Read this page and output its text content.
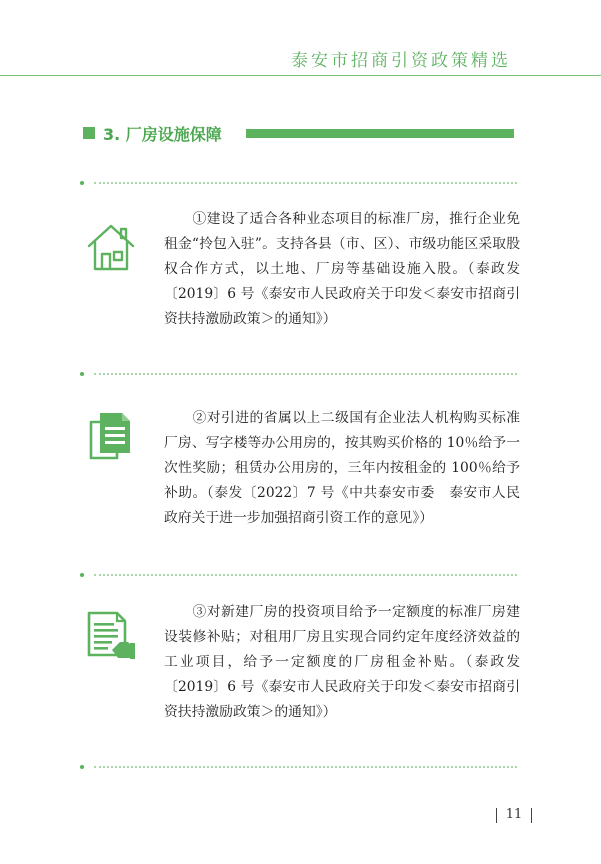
泰安市招商引资政策精选
3. 厂房设施保障

①建设了适合各种业态项目的标准厂房，推行企业免租金“拎包入驻”。支持各县（市、区）、市级功能区采取股权合作方式，以土地、厂房等基础设施入股。（泰政发〔2019〕6 号《泰安市人民政府关于印发＜泰安市招商引资扶持激励政策＞的通知》）

②对引进的省属以上二级国有企业法人机构购买标准厂房、写字楼等办公用房的，按其购买价格的 10％给予一次性奖励；租赁办公用房的，三年内按租金的 100％给予补助。（泰发〔2022〕7 号《中共泰安市委　泰安市人民政府关于进一步加强招商引资工作的意见》）

③对新建厂房的投资项目给予一定额度的标准厂房建设装修补贴；对租用厂房且实现合同约定年度经济效益的工业项目，给予一定额度的厂房租金补贴。（泰政发〔2019〕6 号《泰安市人民政府关于印发＜泰安市招商引资扶持激励政策＞的通知》）

11
